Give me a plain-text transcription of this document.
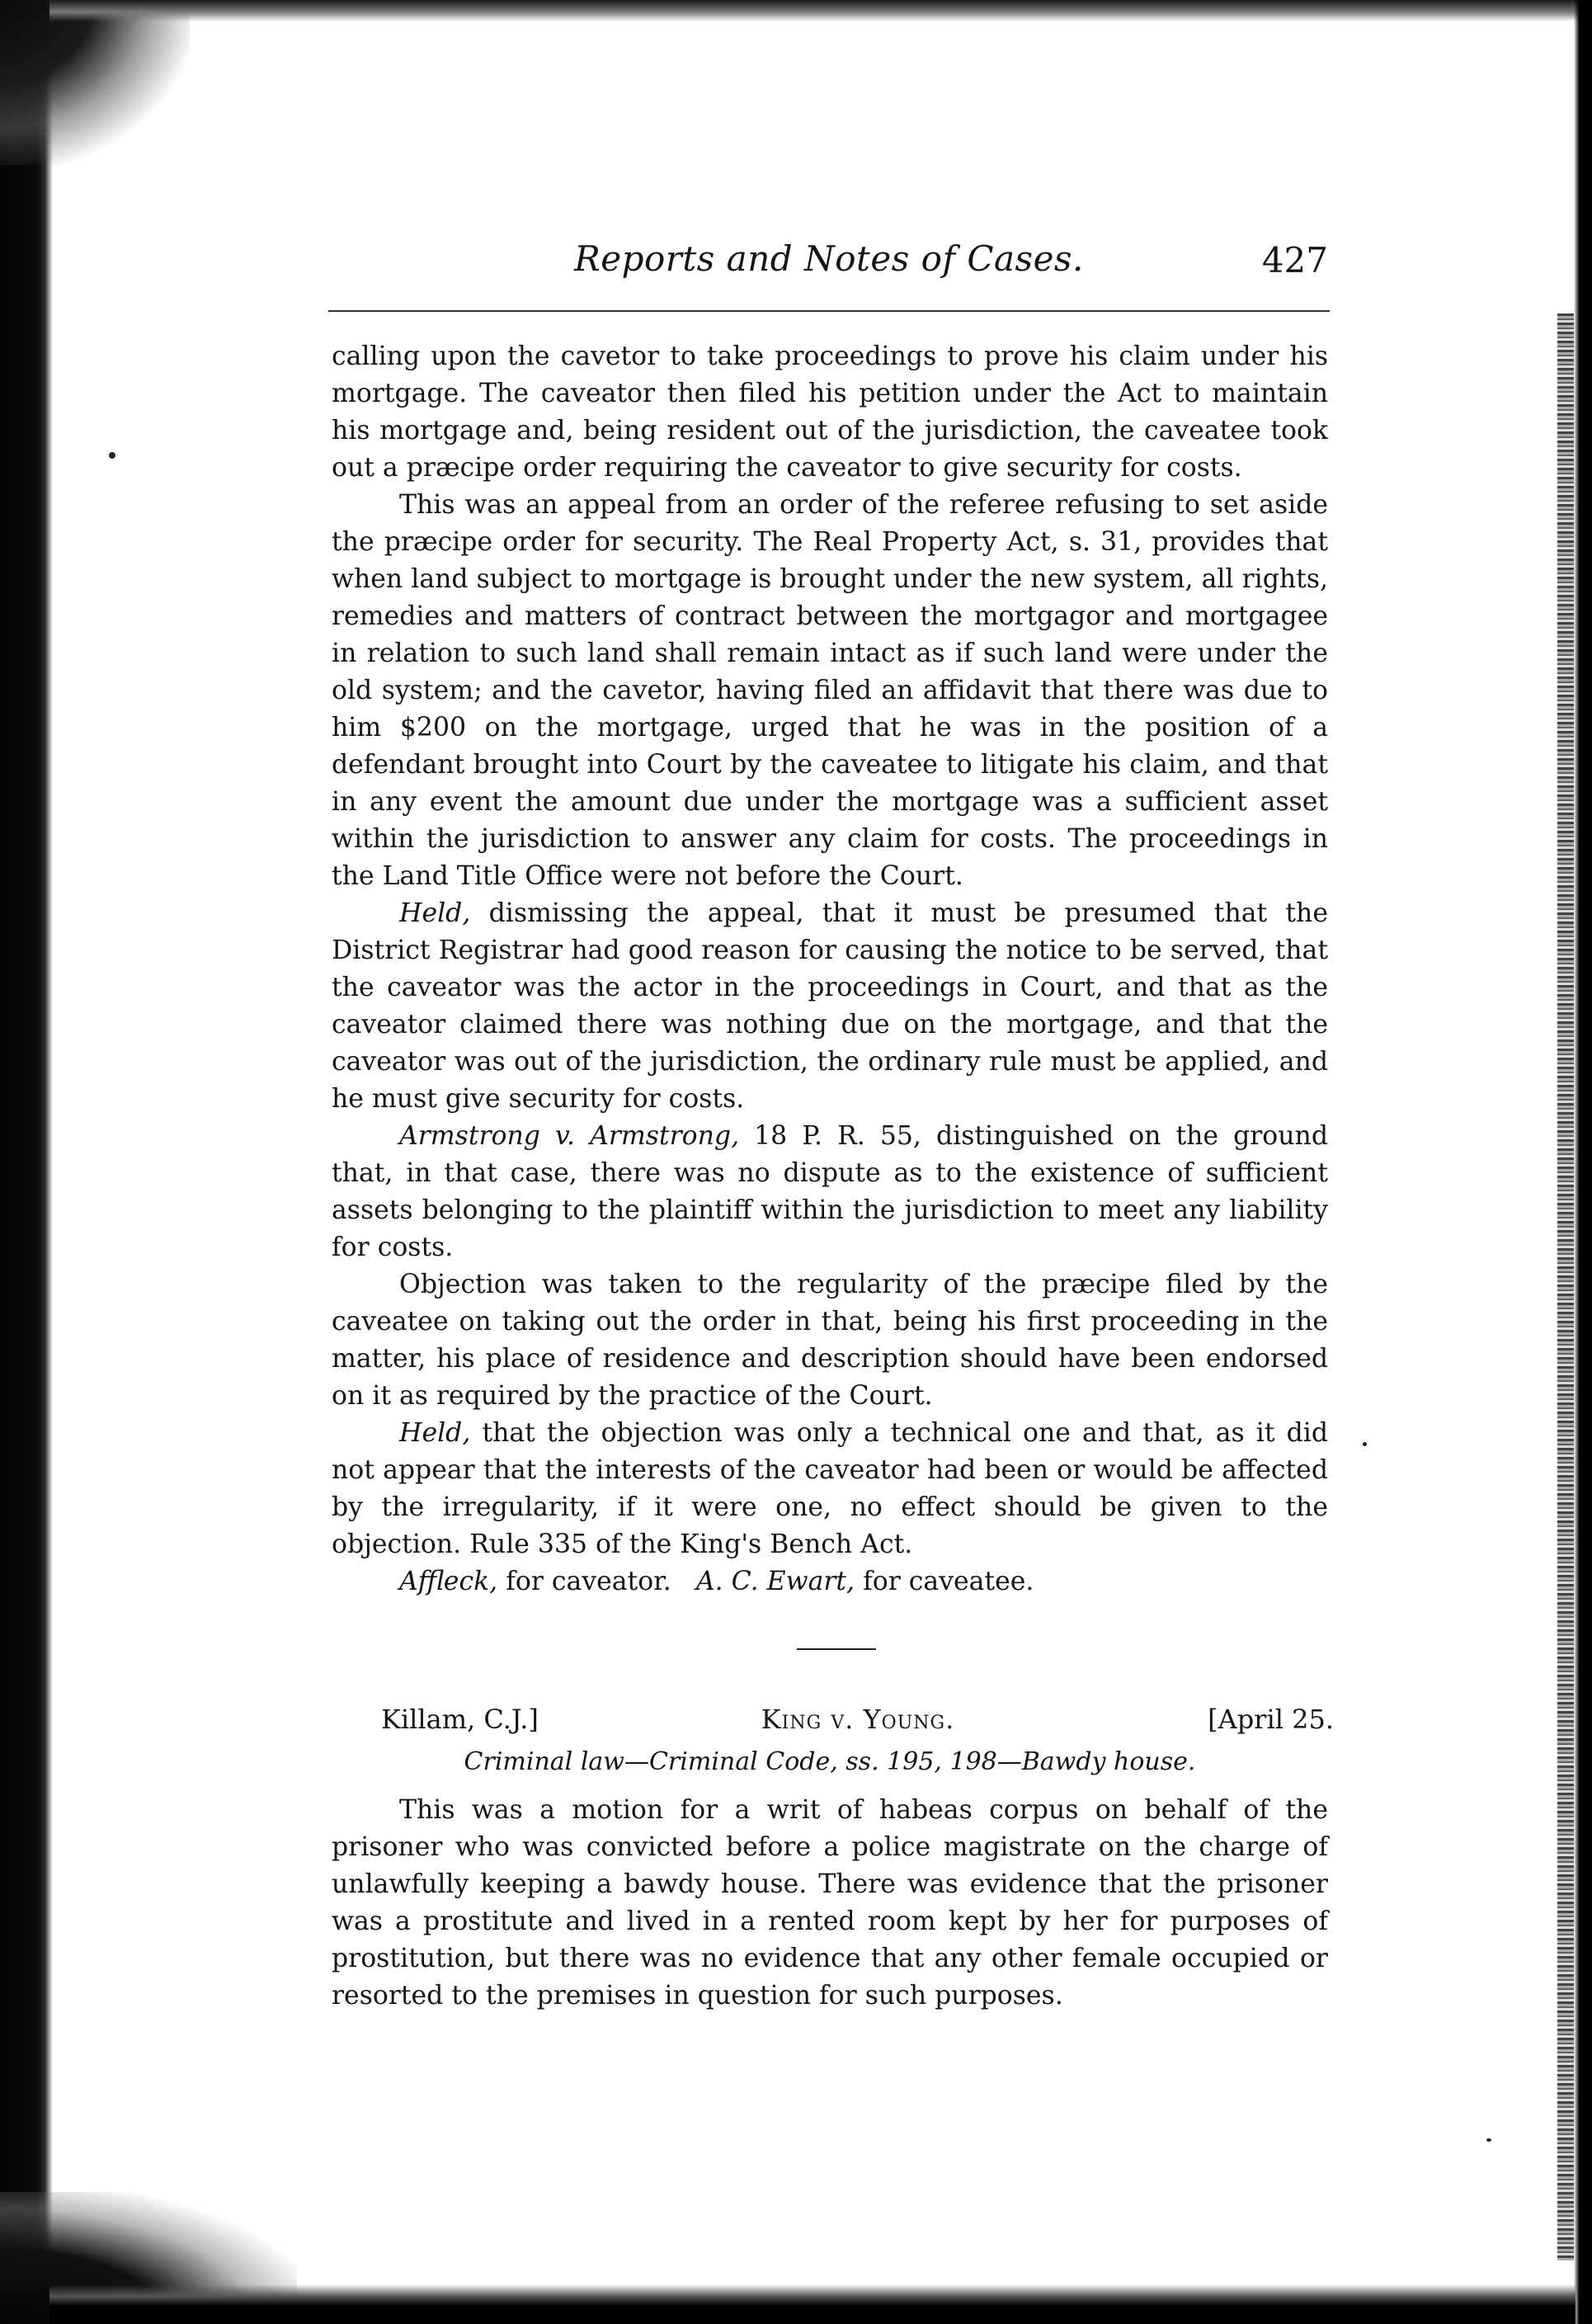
Reports and Notes of Cases.	427

calling upon the cavetor to take proceedings to prove his claim under his mortgage. The caveator then filed his petition under the Act to maintain his mortgage and, being resident out of the jurisdiction, the caveatee took out a præcipe order requiring the caveator to give security for costs.

This was an appeal from an order of the referee refusing to set aside the præcipe order for security. The Real Property Act, s. 31, provides that when land subject to mortgage is brought under the new system, all rights, remedies and matters of contract between the mortgagor and mortgagee in relation to such land shall remain intact as if such land were under the old system; and the cavetor, having filed an affidavit that there was due to him $200 on the mortgage, urged that he was in the position of a defendant brought into Court by the caveatee to litigate his claim, and that in any event the amount due under the mortgage was a sufficient asset within the jurisdiction to answer any claim for costs. The proceedings in the Land Title Office were not before the Court.

Held, dismissing the appeal, that it must be presumed that the District Registrar had good reason for causing the notice to be served, that the caveator was the actor in the proceedings in Court, and that as the caveator claimed there was nothing due on the mortgage, and that the caveator was out of the jurisdiction, the ordinary rule must be applied, and he must give security for costs.

Armstrong v. Armstrong, 18 P. R. 55, distinguished on the ground that, in that case, there was no dispute as to the existence of sufficient assets belonging to the plaintiff within the jurisdiction to meet any liability for costs.

Objection was taken to the regularity of the præcipe filed by the caveatee on taking out the order in that, being his first proceeding in the matter, his place of residence and description should have been endorsed on it as required by the practice of the Court.

Held, that the objection was only a technical one and that, as it did not appear that the interests of the caveator had been or would be affected by the irregularity, if it were one, no effect should be given to the objection. Rule 335 of the King's Bench Act.

Affleck, for caveator. A. C. Ewart, for caveatee.

Killam, C.J.]	King v. Young.	[April 25.
Criminal law—Criminal Code, ss. 195, 198—Bawdy house.

This was a motion for a writ of habeas corpus on behalf of the prisoner who was convicted before a police magistrate on the charge of unlawfully keeping a bawdy house. There was evidence that the prisoner was a prostitute and lived in a rented room kept by her for purposes of prostitution, but there was no evidence that any other female occupied or resorted to the premises in question for such purposes.
